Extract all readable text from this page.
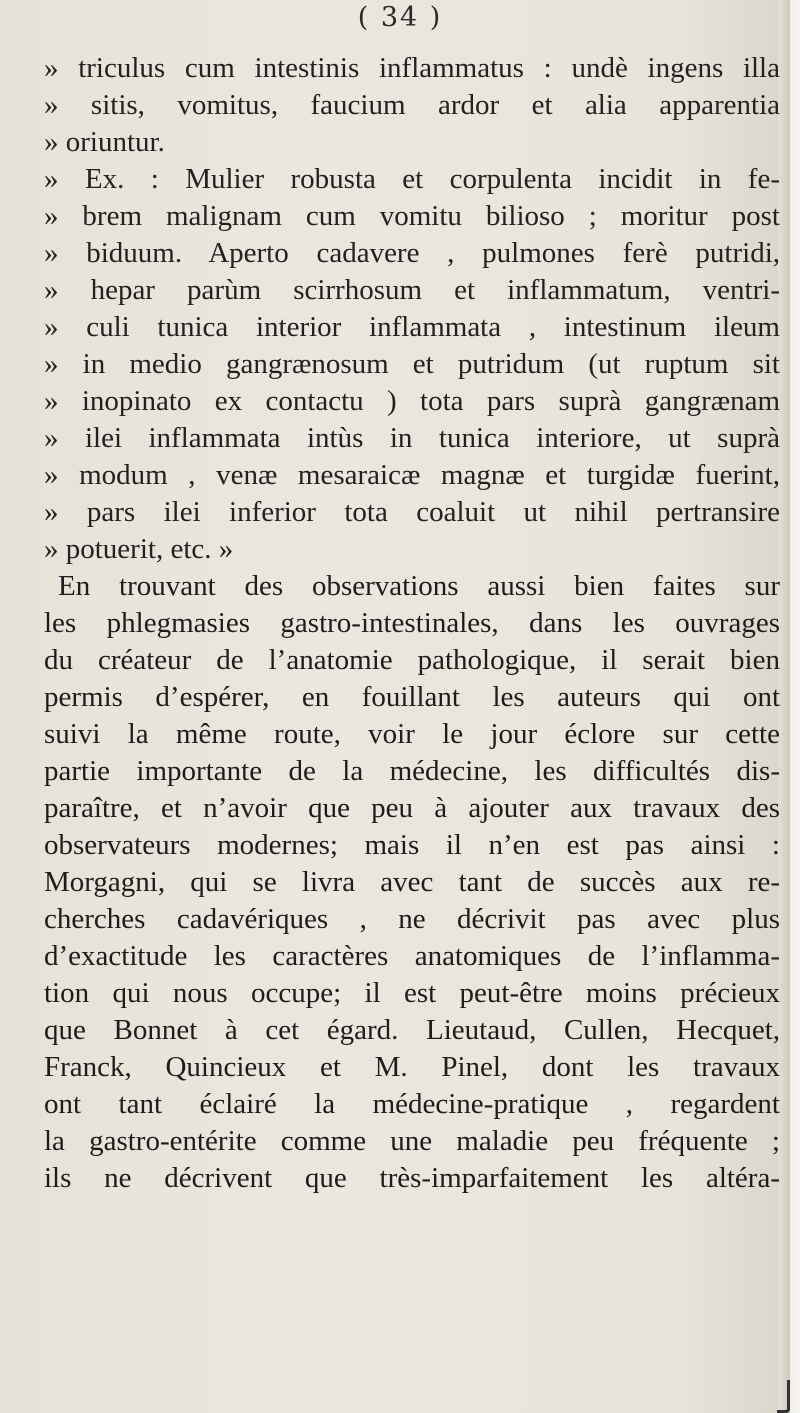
( 34 )
» triculus cum intestinis inflammatus : undè ingens illa
» sitis, vomitus, faucium ardor et alia apparentia
» oriuntur.
» Ex. : Mulier robusta et corpulenta incidit in fe-
» brem malignam cum vomitu bilioso ; moritur post
» biduum. Aperto cadavere , pulmones ferè putridi,
» hepar parùm scirrhosum et inflammatum, ventri-
» culi tunica interior inflammata , intestinum ileum
» in medio gangrænosum et putridum (ut ruptum sit
» inopinato ex contactu ) tota pars suprà gangrænam
» ilei inflammata intùs in tunica interiore, ut suprà
» modum , venæ mesaraicæ magnæ et turgidæ fuerint,
» pars ilei inferior tota coaluit ut nihil pertransire
» potuerit, etc. »
En trouvant des observations aussi bien faites sur
les phlegmasies gastro-intestinales, dans les ouvrages
du créateur de l’anatomie pathologique, il serait bien
permis d’espérer, en fouillant les auteurs qui ont
suivi la même route, voir le jour éclore sur cette
partie importante de la médecine, les difficultés dis-
paraître, et n’avoir que peu à ajouter aux travaux des
observateurs modernes; mais il n’en est pas ainsi :
Morgagni, qui se livra avec tant de succès aux re-
cherches cadavériques , ne décrivit pas avec plus
d’exactitude les caractères anatomiques de l’inflamma-
tion qui nous occupe; il est peut-être moins précieux
que Bonnet à cet égard. Lieutaud, Cullen, Hecquet,
Franck, Quincieux et M. Pinel, dont les travaux
ont tant éclairé la médecine-pratique , regardent
la gastro-entérite comme une maladie peu fréquente ;
ils ne décrivent que très-imparfaitement les altéra-
